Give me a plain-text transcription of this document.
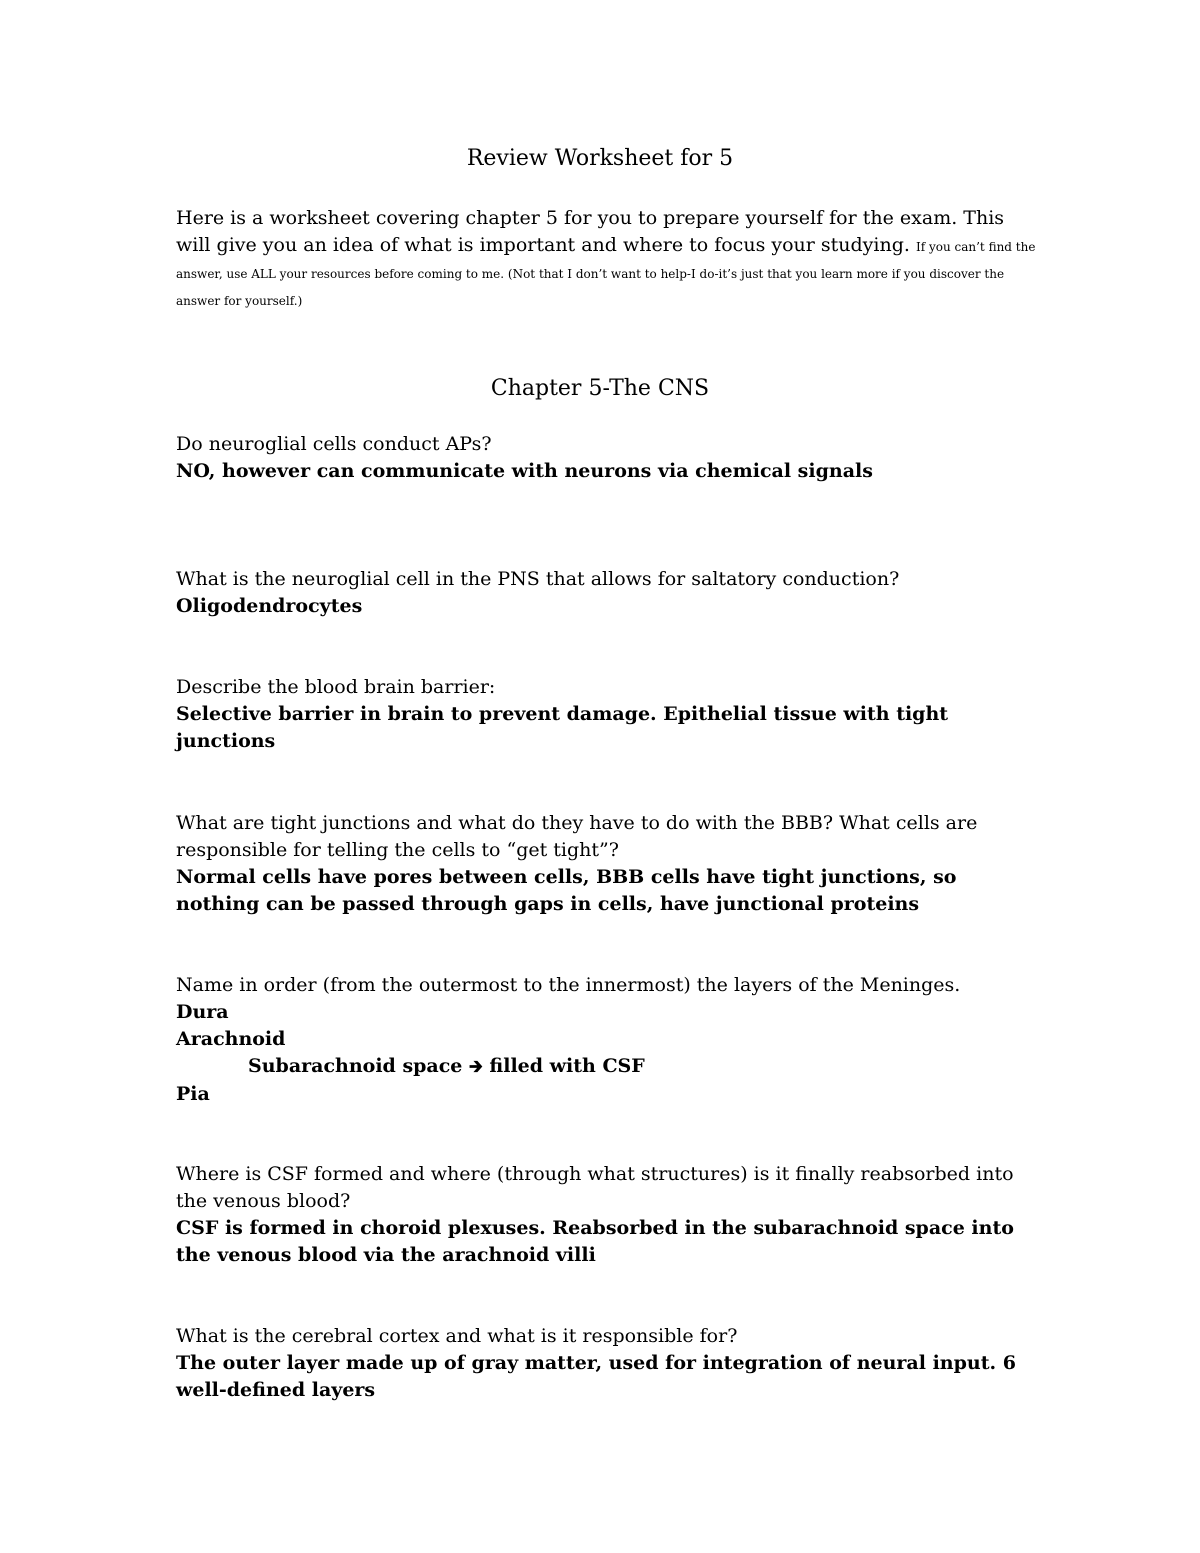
Review Worksheet for 5
Here is a worksheet covering chapter 5 for you to prepare yourself for the exam. This will give you an idea of what is important and where to focus your studying. If you can’t find the answer, use ALL your resources before coming to me. (Not that I don’t want to help-I do-it’s just that you learn more if you discover the answer for yourself.)
Chapter 5-The CNS
Do neuroglial cells conduct APs?
NO, however can communicate with neurons via chemical signals
What is the neuroglial cell in the PNS that allows for saltatory conduction?
Oligodendrocytes
Describe the blood brain barrier:
Selective barrier in brain to prevent damage. Epithelial tissue with tight junctions
What are tight junctions and what do they have to do with the BBB? What cells are responsible for telling the cells to “get tight”?
Normal cells have pores between cells, BBB cells have tight junctions, so nothing can be passed through gaps in cells, have junctional proteins
Name in order (from the outermost to the innermost) the layers of the Meninges.
Dura
Arachnoid
Subarachnoid space 🡲 filled with CSF
Pia
Where is CSF formed and where (through what structures) is it finally reabsorbed into the venous blood?
CSF is formed in choroid plexuses. Reabsorbed in the subarachnoid space into the venous blood via the arachnoid villi
What is the cerebral cortex and what is it responsible for?
The outer layer made up of gray matter, used for integration of neural input. 6 well-defined layers
